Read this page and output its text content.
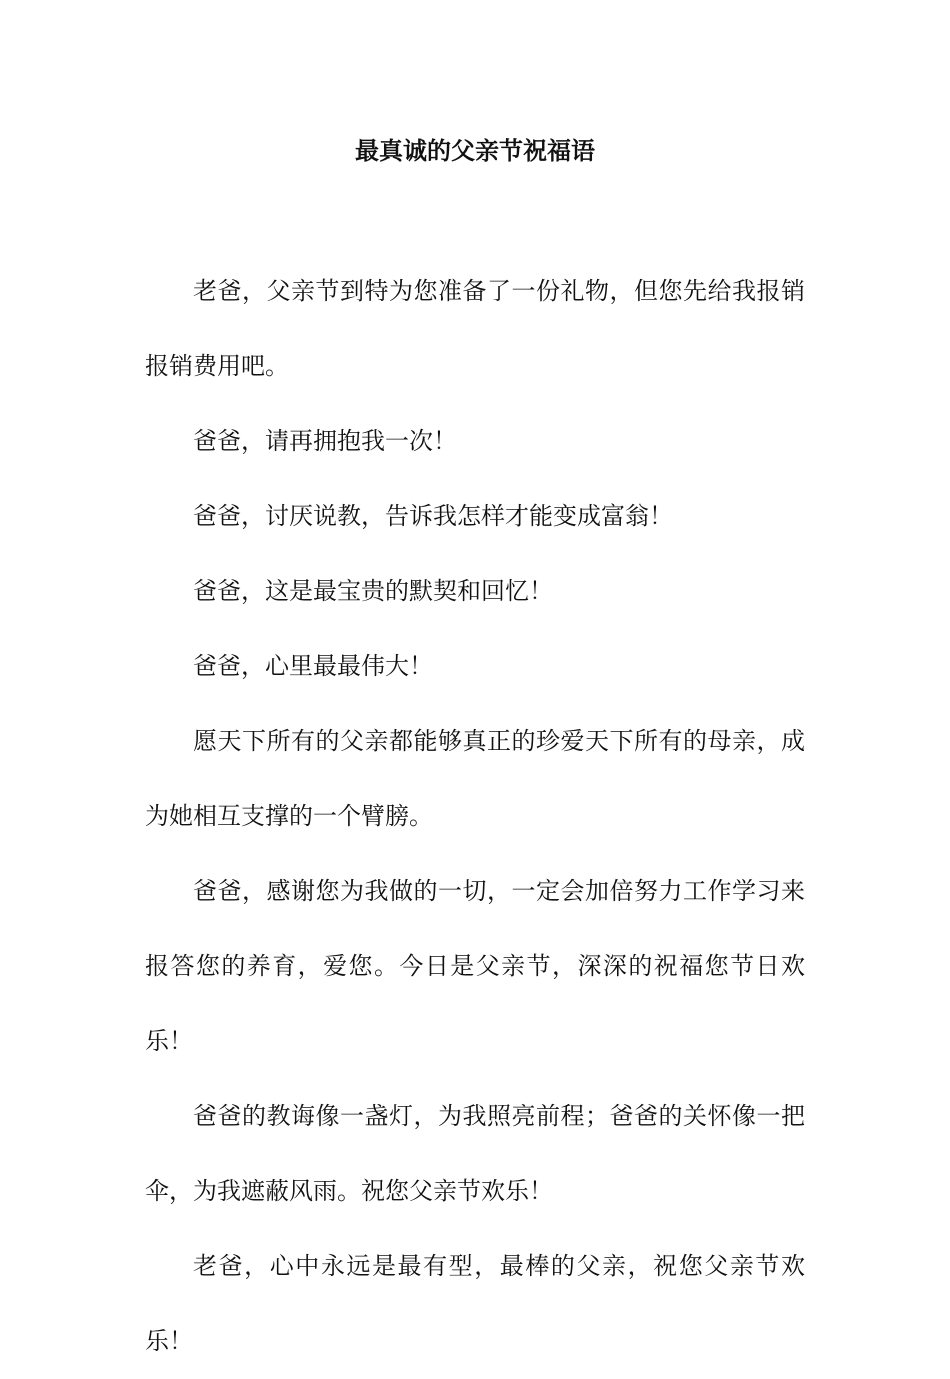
最真诚的父亲节祝福语

老爸，父亲节到特为您准备了一份礼物，但您先给我报销报销费用吧。

爸爸，请再拥抱我一次！

爸爸，讨厌说教，告诉我怎样才能变成富翁！

爸爸，这是最宝贵的默契和回忆！

爸爸，心里最最伟大！

愿天下所有的父亲都能够真正的珍爱天下所有的母亲，成为她相互支撑的一个臂膀。

爸爸，感谢您为我做的一切，一定会加倍努力工作学习来报答您的养育，爱您。今日是父亲节，深深的祝福您节日欢乐！

爸爸的教诲像一盏灯，为我照亮前程；爸爸的关怀像一把伞，为我遮蔽风雨。祝您父亲节欢乐！

老爸，心中永远是最有型，最棒的父亲，祝您父亲节欢乐！
